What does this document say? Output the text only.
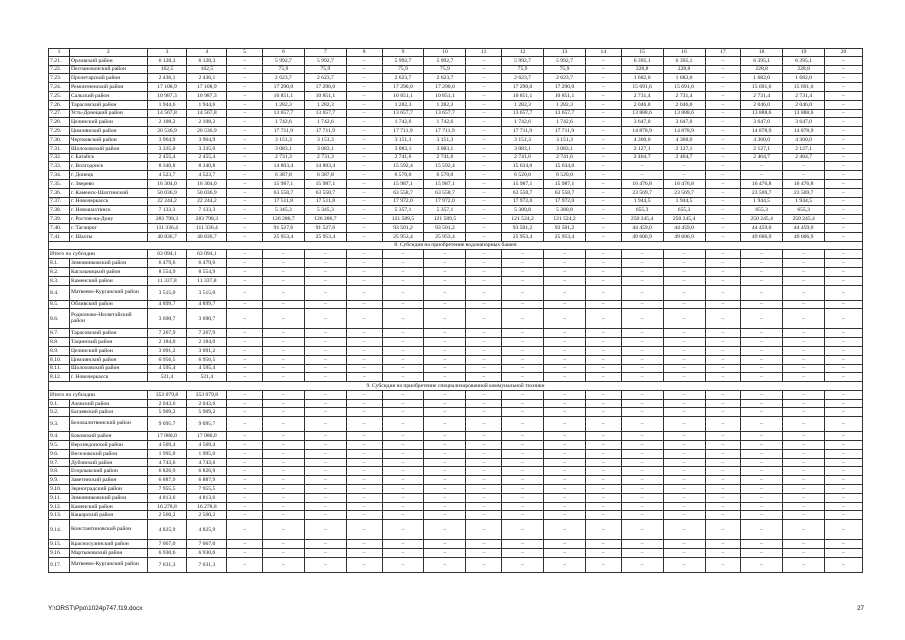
1	2	3	4	5	6	7	8	9	10	11	12	13	14	15	16	17	18	19	20
7.21.	Орловский район	6 128,3	6 128,3	–	5 992,7	5 992,7	–	5 992,7	5 992,7	–	5 992,7	5 992,7	–	6 395,1	6 395,1	–	6 395,1	6 395,1	–
7.22.	Песчанокопский район	162,5	162,5	–	75,9	75,9	–	75,9	75,9	–	75,9	75,9	–	228,8	228,8	–	228,8	228,8	–
7.23.	Пролетарский район	2 436,1	2 436,1	–	2 623,7	2 623,7	–	2 623,7	2 623,7	–	2 623,7	2 623,7	–	1 682,0	1 682,0	–	1 682,0	1 682,0	–
7.24.	Ремонтненский район	17 108,9	17 108,9	–	17 290,0	17 290,0	–	17 290,0	17 290,0	–	17 290,0	17 290,0	–	15 691,6	15 691,6	–	15 691,6	15 691,6	–
7.25.	Сальский район	10 987,3	10 987,3	–	10 851,1	10 851,1	–	10 851,1	10 851,1	–	10 851,1	10 851,1	–	2 731,4	2 731,4	–	2 731,4	2 731,4	–
7.26.	Тарасовский район	1 944,6	1 944,6	–	1 282,3	1 282,3	–	1 282,3	1 282,3	–	1 282,3	1 282,3	–	2 046,0	2 046,0	–	2 046,0	2 046,0	–
7.27.	Усть-Донецкий район	14 567,8	14 567,8	–	13 657,7	13 657,7	–	13 657,7	13 657,7	–	13 657,7	13 657,7	–	13 888,6	13 888,6	–	13 888,6	13 888,6	–
7.28.	Целинский район	2 108,2	2 108,2	–	1 742,6	1 742,6	–	1 742,6	1 742,6	–	1 742,6	1 742,6	–	3 647,0	3 647,0	–	3 647,0	3 647,0	–
7.29.	Цимлянский район	20 536,9	20 536,9	–	17 711,9	17 711,9	–	17 711,9	17 711,9	–	17 711,9	17 711,9	–	14 878,9	14 878,9	–	14 878,9	14 878,9	–
7.30.	Чертковский район	3 964,9	3 964,9	–	3 151,3	3 151,3	–	3 151,3	3 151,3	–	3 151,3	3 151,3	–	4 360,0	4 360,0	–	4 360,0	4 360,0	–
7.31.	Шолоховский район	3 335,0	3 335,0	–	3 083,1	3 083,1	–	3 083,1	3 083,1	–	3 083,1	3 083,1	–	2 127,1	2 127,1	–	2 127,1	2 127,1	–
7.32.	г. Батайск	2 455,4	2 455,4	–	2 731,3	2 731,3	–	2 741,6	2 741,6	–	2 741,6	2 741,6	–	2 464,7	2 464,7	–	2 464,7	2 464,7	–
7.33.	г. Волгодонск	8 340,8	8 340,8	–	14 803,4	14 803,4	–	15 592,4	15 592,4	–	15 634,0	15 634,0	–	–	–	–	–	–	–
7.34.	г. Донецк	4 523,7	4 523,7	–	6 387,8	6 387,8	–	6 570,0	6 570,0	–	6 520,0	6 520,0	–	–	–	–	–	–	–
7.35.	г. Зверево	16 304,0	16 304,0	–	15 987,1	15 987,1	–	15 987,1	15 987,1	–	15 987,1	15 987,1	–	16 476,8	16 476,8	–	16 476,8	16 476,8	–
7.36.	г. Каменск-Шахтинский	50 036,9	50 036,9	–	63 558,7	63 558,7	–	63 558,7	63 558,7	–	63 558,7	63 558,7	–	23 569,7	23 569,7	–	23 569,7	23 569,7	–
7.37.	г. Новочеркасск	22 244,2	22 244,2	–	17 511,8	17 511,8	–	17 972,0	17 972,0	–	17 972,0	17 972,0	–	1 944,5	1 944,5	–	1 944,5	1 944,5	–
7.38.	г. Новошахтинск	7 133,3	7 133,3	–	5 345,3	5 345,3	–	5 357,1	5 357,1	–	5 380,8	5 380,8	–	655,3	655,3	–	655,3	655,3	–
7.39.	г. Ростов-на-Дону	283 798,3	283 798,3	–	126 286,7	126 286,7	–	121 589,5	121 589,5	–	121 524,2	121 524,2	–	250 245,4	250 245,4	–	250 245,4	250 245,4	–
7.40.	г. Таганрог	111 336,4	111 336,4	–	91 527,6	91 527,6	–	93 501,2	93 501,2	–	93 501,2	93 501,2	–	44 459,0	44 459,0	–	44 459,0	44 459,0	–
7.41.	г. Шахты	40 836,7	40 836,7	–	25 953,4	25 953,4	–	25 953,4	25 953,4	–	25 953,4	25 953,4	–	49 606,9	49 606,9	–	49 606,9	49 606,9	–
8. Субсидия на приобретение водонапорных башен																			
Итого по субсидии		63 094,1	63 094,1	–	–	–	–	–	–	–	–	–	–	–	–	–	–	–	–
8.1.	Зимовниковский район	6 479,6	6 479,6	–	–	–	–	–	–	–	–	–	–	–	–	–	–	–	–
8.2.	Кагальницкий район	8 554,9	8 554,9	–	–	–	–	–	–	–	–	–	–	–	–	–	–	–	–
8.3.	Каменский район	11 337,8	11 337,8	–	–	–	–	–	–	–	–	–	–	–	–	–	–	–	–
8.4.	Матвеево-Курганский район	3 515,0	3 515,0	–	–	–	–	–	–	–	–	–	–	–	–	–	–	–	–
8.5.	Обливский район	4 899,7	4 899,7	–	–	–	–	–	–	–	–	–	–	–	–	–	–	–	–
8.6.	Родионово-Несветайский район	3 690,7	3 690,7	–	–	–	–	–	–	–	–	–	–	–	–	–	–	–	–
8.7.	Тарасовский район	7 267,9	7 267,9	–	–	–	–	–	–	–	–	–	–	–	–	–	–	–	–
8.8.	Тацинский район	2 184,0	2 184,0	–	–	–	–	–	–	–	–	–	–	–	–	–	–	–	–
8.9.	Целинский район	3 091,2	3 091,2	–	–	–	–	–	–	–	–	–	–	–	–	–	–	–	–
8.10.	Цимлянский район	6 956,5	6 956,5	–	–	–	–	–	–	–	–	–	–	–	–	–	–	–	–
8.11.	Шолоховский район	4 595,4	4 595,4	–	–	–	–	–	–	–	–	–	–	–	–	–	–	–	–
8.12.	г. Новочеркасск	521,4	521,4	–	–	–	–	–	–	–	–	–	–	–	–	–	–	–	–
9. Субсидия на приобретение специализированной коммунальной техники																			
Итого по субсидии		353 079,8	353 079,8	–	–	–	–	–	–	–	–	–	–	–	–	–	–	–	–
9.1.	Азовский район	2 043,6	2 043,6	–	–	–	–	–	–	–	–	–	–	–	–	–	–	–	–
9.2.	Багаевский район	5 909,2	5 909,2	–	–	–	–	–	–	–	–	–	–	–	–	–	–	–	–
9.3.	Белокалитвинский район	9 095,7	9 095,7	–	–	–	–	–	–	–	–	–	–	–	–	–	–	–	–
9.4.	Боковский район	17 080,0	17 080,0	–	–	–	–	–	–	–	–	–	–	–	–	–	–	–	–
9.5.	Верхнедонской район	4 569,4	4 569,4	–	–	–	–	–	–	–	–	–	–	–	–	–	–	–	–
9.6.	Веселовский район	1 995,0	1 995,0	–	–	–	–	–	–	–	–	–	–	–	–	–	–	–	–
9.7.	Дубовский район	4 743,6	4 743,6	–	–	–	–	–	–	–	–	–	–	–	–	–	–	–	–
9.8.	Егорлыкский район	6 826,9	6 826,9	–	–	–	–	–	–	–	–	–	–	–	–	–	–	–	–
9.9.	Заветинский район	6 887,9	6 887,9	–	–	–	–	–	–	–	–	–	–	–	–	–	–	–	–
9.10.	Зерноградский район	7 955,5	7 955,5	–	–	–	–	–	–	–	–	–	–	–	–	–	–	–	–
9.11.	Зимовниковский район	4 813,6	4 813,6	–	–	–	–	–	–	–	–	–	–	–	–	–	–	–	–
9.12.	Каменский район	16 278,8	16 278,8	–	–	–	–	–	–	–	–	–	–	–	–	–	–	–	–
9.13.	Кашарский район	2 560,2	2 560,2	–	–	–	–	–	–	–	–	–	–	–	–	–	–	–	–
9.14.	Константиновский район	4 825,9	4 825,9	–	–	–	–	–	–	–	–	–	–	–	–	–	–	–	–
9.15.	Красносулинский район	7 067,0	7 067,0	–	–	–	–	–	–	–	–	–	–	–	–	–	–	–	–
9.16.	Мартыновский район	6 930,6	6 930,6	–	–	–	–	–	–	–	–	–	–	–	–	–	–	–	–
9.17.	Матвеево-Курганский район	7 631,3	7 631,3	–	–	–	–	–	–	–	–	–	–	–	–	–	–	–	–
Y:\ORST\Ppo\1024p747.f19.docx	27
